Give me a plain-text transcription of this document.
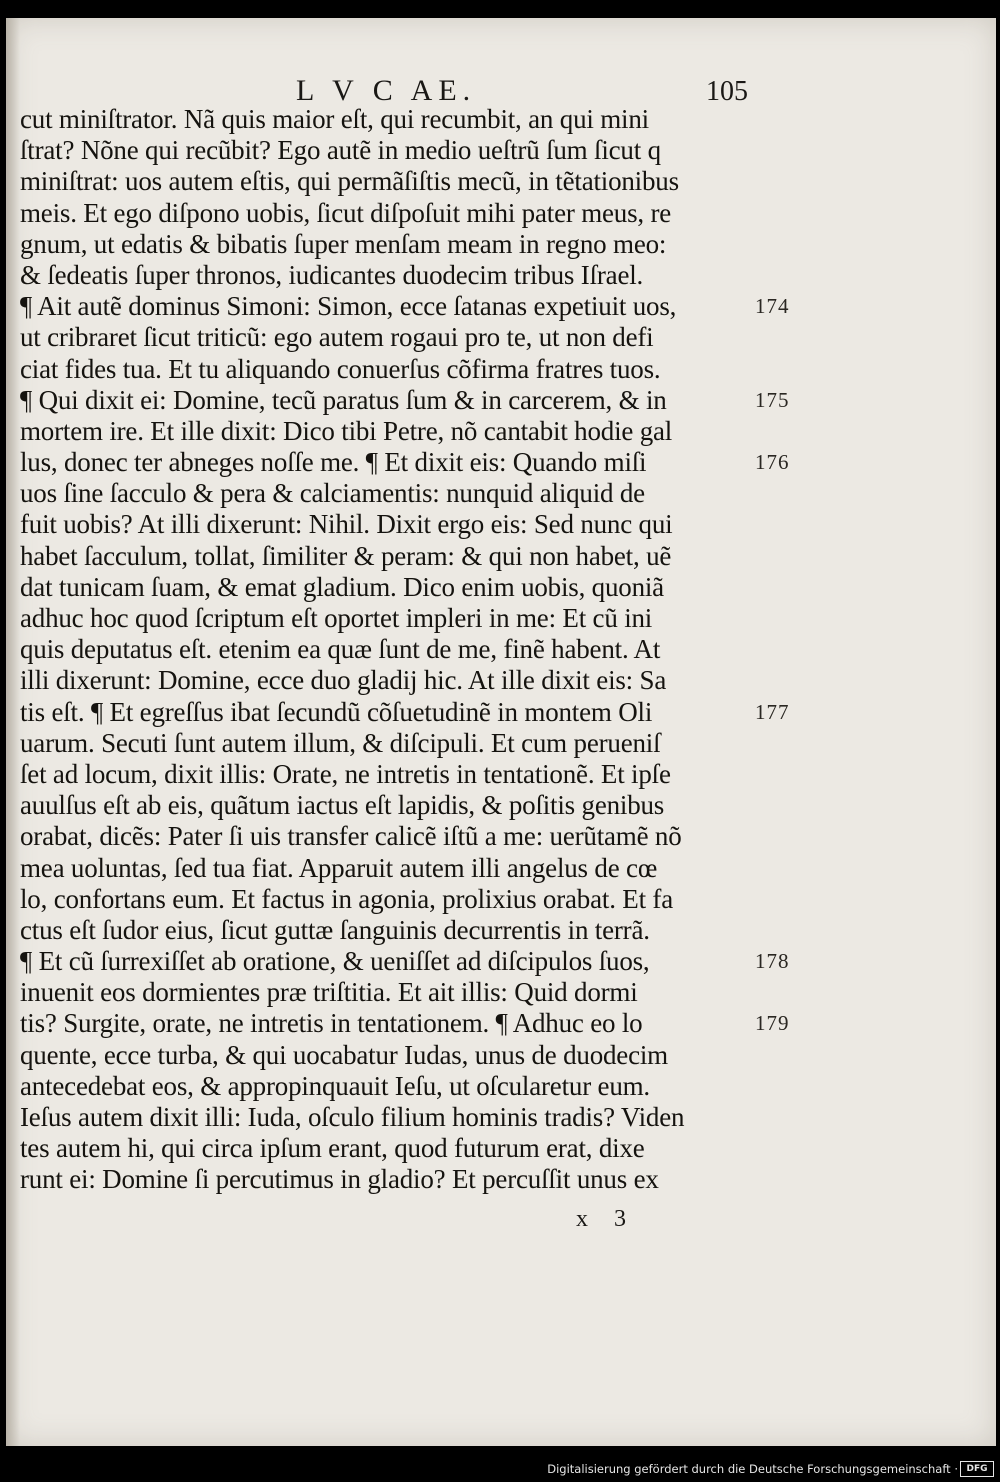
L V C AE.	105
cut miniſtrator. Nã quis maior eſt, qui recumbit, an qui mini
ſtrat? Nõne qui recũbit? Ego autẽ in medio ueſtrũ ſum ſicut q
miniſtrat: uos autem eſtis, qui permãſiſtis mecũ, in tẽtationibus
meis. Et ego diſpono uobis, ſicut diſpoſuit mihi pater meus, re
gnum, ut edatis & bibatis ſuper menſam meam in regno meo:
& ſedeatis ſuper thronos, iudicantes duodecim tribus Iſrael.
¶ Ait autẽ dominus Simoni: Simon, ecce ſatanas expetiuit uos,	174
ut cribraret ſicut triticũ: ego autem rogaui pro te, ut non defi
ciat fides tua. Et tu aliquando conuerſus cõfirma fratres tuos.
¶ Qui dixit ei: Domine, tecũ paratus ſum & in carcerem, & in	175
mortem ire. Et ille dixit: Dico tibi Petre, nõ cantabit hodie gal
lus, donec ter abneges noſſe me. ¶ Et dixit eis: Quando miſi	176
uos ſine ſacculo & pera & calciamentis: nunquid aliquid de
fuit uobis? At illi dixerunt: Nihil. Dixit ergo eis: Sed nunc qui
habet ſacculum, tollat, ſimiliter & peram: & qui non habet, uẽ
dat tunicam ſuam, & emat gladium. Dico enim uobis, quoniã
adhuc hoc quod ſcriptum eſt oportet impleri in me: Et cũ ini
quis deputatus eſt. etenim ea quæ ſunt de me, finẽ habent. At
illi dixerunt: Domine, ecce duo gladij hic. At ille dixit eis: Sa
tis eſt. ¶ Et egreſſus ibat ſecundũ cõſuetudinẽ in montem Oli	177
uarum. Secuti ſunt autem illum, & diſcipuli. Et cum perueniſ
ſet ad locum, dixit illis: Orate, ne intretis in tentationẽ. Et ipſe
auulſus eſt ab eis, quãtum iactus eſt lapidis, & poſitis genibus
orabat, dicẽs: Pater ſi uis transfer calicẽ iſtũ a me: uerũtamẽ nõ
mea uoluntas, ſed tua fiat. Apparuit autem illi angelus de cœ
lo, confortans eum. Et factus in agonia, prolixius orabat. Et fa
ctus eſt ſudor eius, ſicut guttæ ſanguinis decurrentis in terrã.
¶ Et cũ ſurrexiſſet ab oratione, & ueniſſet ad diſcipulos ſuos,	178
inuenit eos dormientes præ triſtitia. Et ait illis: Quid dormi
tis? Surgite, orate, ne intretis in tentationem. ¶ Adhuc eo lo	179
quente, ecce turba, & qui uocabatur Iudas, unus de duodecim
antecedebat eos, & appropinquauit Ieſu, ut oſcularetur eum.
Ieſus autem dixit illi: Iuda, oſculo filium hominis tradis? Viden
tes autem hi, qui circa ipſum erant, quod futurum erat, dixe
runt ei: Domine ſi percutimus in gladio? Et percuſſit unus ex
x 3
Digitalisierung gefördert durch die Deutsche Forschungsgemeinschaft · DFG
